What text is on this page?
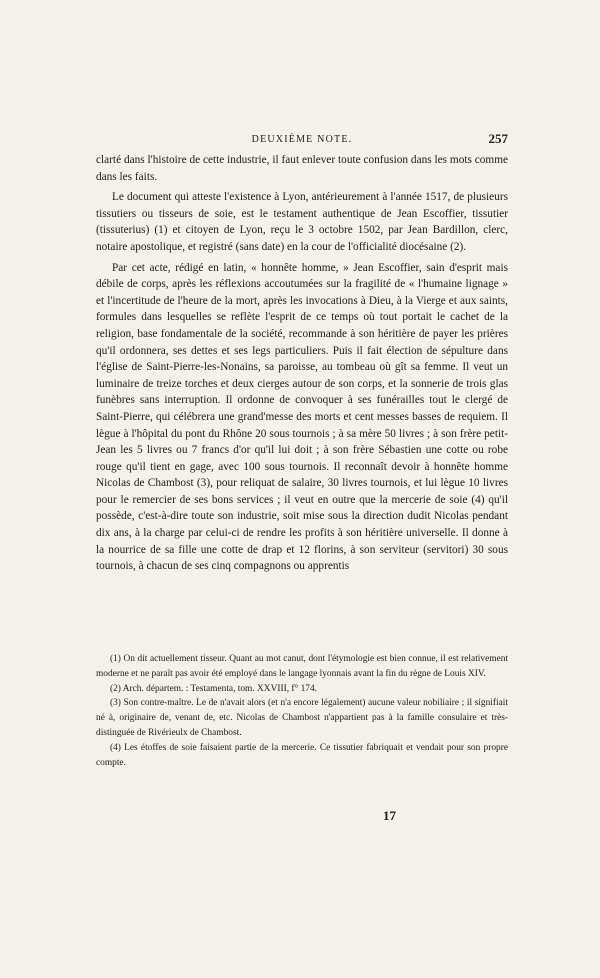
DEUXIÈME NOTE.	257

clarté dans l'histoire de cette industrie, il faut enlever toute confusion dans les mots comme dans les faits.

Le document qui atteste l'existence à Lyon, antérieurement à l'année 1517, de plusieurs tissutiers ou tisseurs de soie, est le testament authentique de Jean Escoffier, tissutier (tissuterius) (1) et citoyen de Lyon, reçu le 3 octobre 1502, par Jean Bardillon, clerc, notaire apostolique, et registré (sans date) en la cour de l'officialité diocésaine (2).

Par cet acte, rédigé en latin, « honnête homme, » Jean Escoffier, sain d'esprit mais débile de corps, après les réflexions accoutumées sur la fragilité de « l'humaine lignage » et l'incertitude de l'heure de la mort, après les invocations à Dieu, à la Vierge et aux saints, formules dans lesquelles se reflète l'esprit de ce temps où tout portait le cachet de la religion, base fondamentale de la société, recommande à son héritière de payer les prières qu'il ordonnera, ses dettes et ses legs particuliers. Puis il fait élection de sépulture dans l'église de Saint-Pierre-les-Nonains, sa paroisse, au tombeau où gît sa femme. Il veut un luminaire de treize torches et deux cierges autour de son corps, et la sonnerie de trois glas funèbres sans interruption. Il ordonne de convoquer à ses funérailles tout le clergé de Saint-Pierre, qui célébrera une grand'messe des morts et cent messes basses de requiem. Il lègue à l'hôpital du pont du Rhône 20 sous tournois ; à sa mère 50 livres ; à son frère petit-Jean les 5 livres ou 7 francs d'or qu'il lui doit ; à son frère Sébastien une cotte ou robe rouge qu'il tient en gage, avec 100 sous tournois. Il reconnaît devoir à honnête homme Nicolas de Chambost (3), pour reliquat de salaire, 30 livres tournois, et lui lègue 10 livres pour le remercier de ses bons services ; il veut en outre que la mercerie de soie (4) qu'il possède, c'est-à-dire toute son industrie, soit mise sous la direction dudit Nicolas pendant dix ans, à la charge par celui-ci de rendre les profits à son héritière universelle. Il donne à la nourrice de sa fille une cotte de drap et 12 florins, à son serviteur (servitori) 30 sous tournois, à chacun de ses cinq compagnons ou apprentis

(1) On dit actuellement tisseur. Quant au mot canut, dont l'étymologie est bien connue, il est relativement moderne et ne paraît pas avoir été employé dans le langage lyonnais avant la fin du règne de Louis XIV.

(2) Arch. départem. : Testamenta, tom. XXVIII, f° 174.

(3) Son contre-maître. Le de n'avait alors (et n'a encore légalement) aucune valeur nobiliaire ; il signifiait né à, originaire de, venant de, etc. Nicolas de Chambost n'appartient pas à la famille consulaire et très-distinguée de Rivérieulx de Chambost.

(4) Les étoffes de soie faisaient partie de la mercerie. Ce tissutier fabriquait et vendait pour son propre compte.

17
